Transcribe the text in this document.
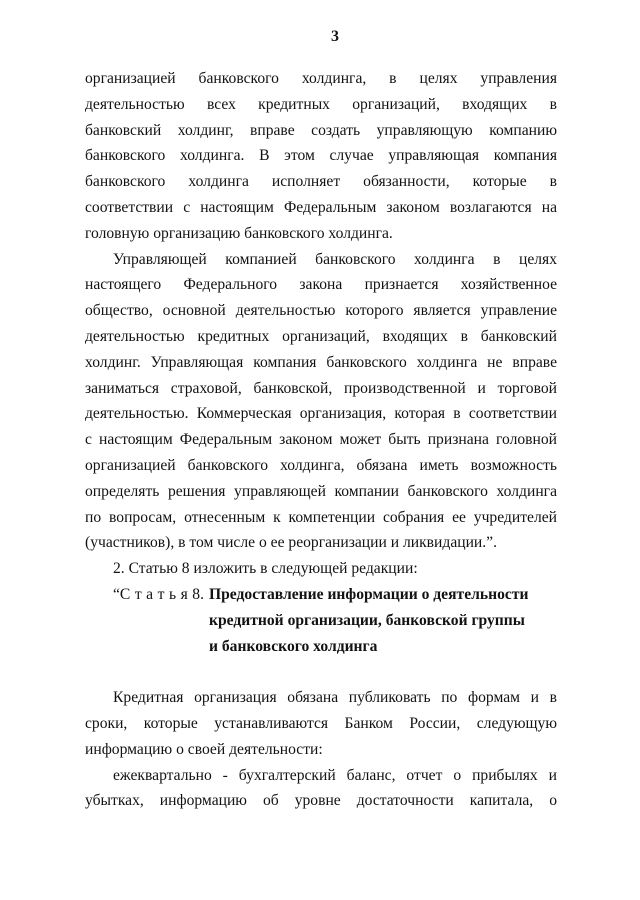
3
организацией банковского холдинга, в целях управления
деятельностью всех кредитных организаций, входящих в
банковский холдинг, вправе создать управляющую компанию
банковского холдинга. В этом случае управляющая компания
банковского холдинга исполняет обязанности, которые в
соответствии с настоящим Федеральным законом возлагаются на
головную организацию банковского холдинга.
Управляющей компанией банковского холдинга в целях
настоящего Федерального закона признается хозяйственное
общество, основной деятельностью которого является управление
деятельностью кредитных организаций, входящих в банковский
холдинг. Управляющая компания банковского холдинга не вправе
заниматься страховой, банковской, производственной и торговой
деятельностью. Коммерческая организация, которая в соответствии
с настоящим Федеральным законом может быть признана головной
организацией банковского холдинга, обязана иметь возможность
определять решения управляющей компании банковского холдинга
по вопросам, отнесенным к компетенции собрания ее учредителей
(участников), в том числе о ее реорганизации и ликвидации.”.
2. Статью 8 изложить в следующей редакции:
“С т а т ь я 8. Предоставление информации о деятельности
кредитной организации, банковской группы
и банковского холдинга
Кредитная организация обязана публиковать по формам и в
сроки, которые устанавливаются Банком России, следующую
информацию о своей деятельности:
ежеквартально - бухгалтерский баланс, отчет о прибылях и
убытках, информацию об уровне достаточности капитала, о
